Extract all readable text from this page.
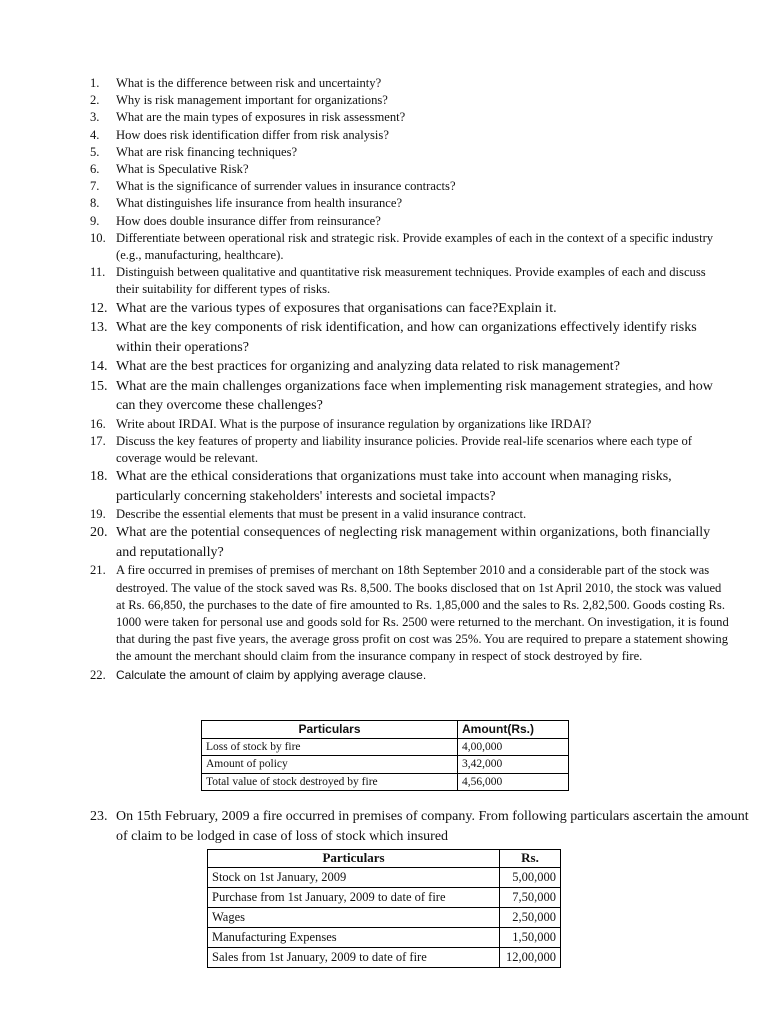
1.	What is the difference between risk and uncertainty?
2.	Why is risk management important for organizations?
3.	What are the main types of exposures in risk assessment?
4.	How does risk identification differ from risk analysis?
5.	What are risk financing techniques?
6.	What is Speculative Risk?
7.	What is the significance of surrender values in insurance contracts?
8.	What distinguishes life insurance from health insurance?
9.	How does double insurance differ from reinsurance?
10. Differentiate between operational risk and strategic risk. Provide examples of each in the context of a specific industry (e.g., manufacturing, healthcare).
11. Distinguish between qualitative and quantitative risk measurement techniques. Provide examples of each and discuss their suitability for different types of risks.
12. What are the various types of exposures that organisations can face?Explain it.
13. What are the key components of risk identification, and how can organizations effectively identify risks within their operations?
14. What are the best practices for organizing and analyzing data related to risk management?
15. What are the main challenges organizations face when implementing risk management strategies, and how can they overcome these challenges?
16. Write about IRDAI. What is the purpose of insurance regulation by organizations like IRDAI?
17. Discuss the key features of property and liability insurance policies. Provide real-life scenarios where each type of coverage would be relevant.
18. What are the ethical considerations that organizations must take into account when managing risks, particularly concerning stakeholders' interests and societal impacts?
19. Describe the essential elements that must be present in a valid insurance contract.
20. What are the potential consequences of neglecting risk management within organizations, both financially and reputationally?
21. A fire occurred in premises of premises of merchant on 18th September 2010 and a considerable part of the stock was destroyed. The value of the stock saved was Rs. 8,500. The books disclosed that on 1st April 2010, the stock was valued at Rs. 66,850, the purchases to the date of fire amounted to Rs. 1,85,000 and the sales to Rs. 2,82,500. Goods costing Rs. 1000 were taken for personal use and goods sold for Rs. 2500 were returned to the merchant. On investigation, it is found that during the past five years, the average gross profit on cost was 25%. You are required to prepare a statement showing the amount the merchant should claim from the insurance company in respect of stock destroyed by fire.
22. Calculate the amount of claim by applying average clause.
Particulars	Amount(Rs.)
Loss of stock by fire	4,00,000
Amount of policy	3,42,000
Total value of stock destroyed by fire	4,56,000
23. On 15th February, 2009 a fire occurred in premises of company. From following particulars ascertain the amount of claim to be lodged in case of loss of stock which insured
Particulars	Rs.
Stock on 1st January, 2009	5,00,000
Purchase from 1st January, 2009 to date of fire	7,50,000
Wages	2,50,000
Manufacturing Expenses	1,50,000
Sales from 1st January, 2009 to date of fire	12,00,000
